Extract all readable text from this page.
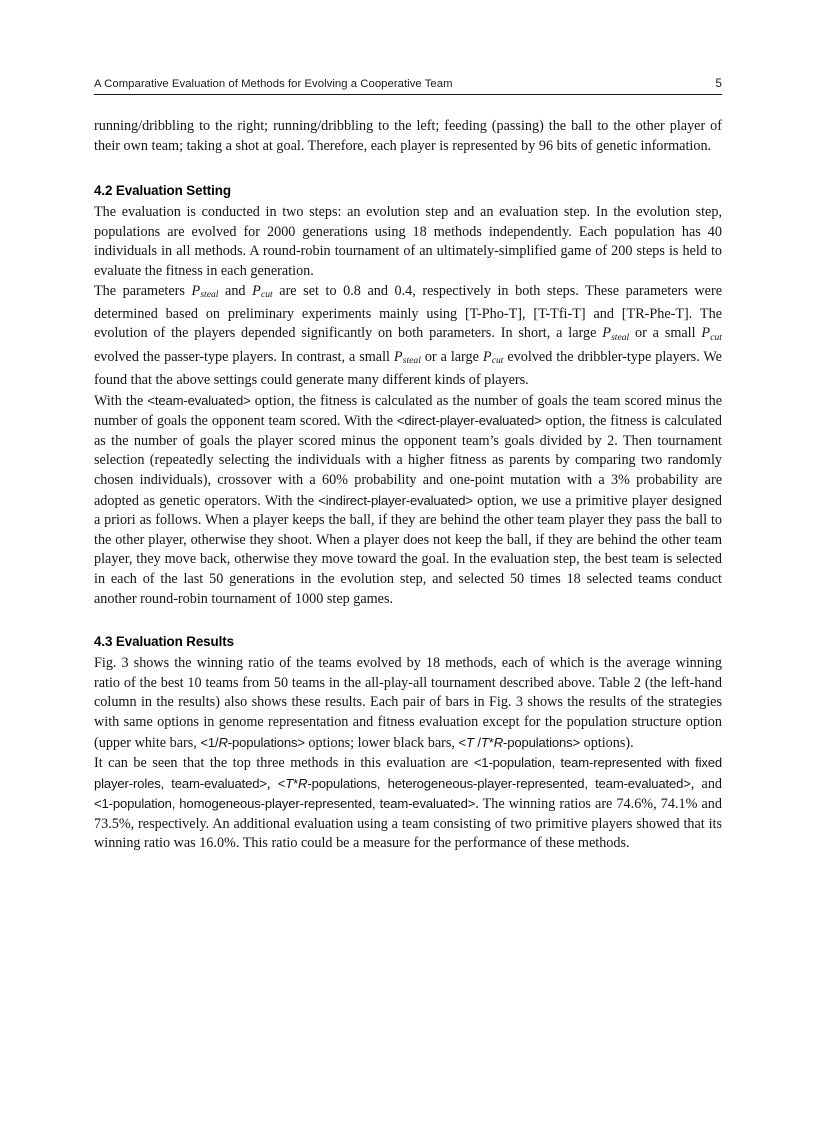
A Comparative Evaluation of Methods for Evolving a Cooperative Team	5

running/dribbling to the right; running/dribbling to the left; feeding (passing) the ball to the other player of their own team; taking a shot at goal. Therefore, each player is represented by 96 bits of genetic information.

4.2 Evaluation Setting

The evaluation is conducted in two steps: an evolution step and an evaluation step. In the evolution step, populations are evolved for 2000 generations using 18 methods independently. Each population has 40 individuals in all methods. A round-robin tournament of an ultimately-simplified game of 200 steps is held to evaluate the fitness in each generation.

The parameters $P_{steal}$ and $P_{cut}$ are set to 0.8 and 0.4, respectively in both steps. These parameters were determined based on preliminary experiments mainly using [T-Pho-T], [T-Tfi-T] and [TR-Phe-T]. The evolution of the players depended significantly on both parameters. In short, a large $P_{steal}$ or a small $P_{cut}$ evolved the passer-type players. In contrast, a small $P_{steal}$ or a large $P_{cut}$ evolved the dribbler-type players. We found that the above settings could generate many different kinds of players.

With the <team-evaluated> option, the fitness is calculated as the number of goals the team scored minus the number of goals the opponent team scored. With the <direct-player-evaluated> option, the fitness is calculated as the number of goals the player scored minus the opponent team’s goals divided by 2. Then tournament selection (repeatedly selecting the individuals with a higher fitness as parents by comparing two randomly chosen individuals), crossover with a 60% probability and one-point mutation with a 3% probability are adopted as genetic operators. With the <indirect-player-evaluated> option, we use a primitive player designed a priori as follows. When a player keeps the ball, if they are behind the other team player they pass the ball to the other player, otherwise they shoot. When a player does not keep the ball, if they are behind the other team player, they move back, otherwise they move toward the goal. In the evaluation step, the best team is selected in each of the last 50 generations in the evolution step, and selected 50 times 18 selected teams conduct another round-robin tournament of 1000 step games.

4.3 Evaluation Results

Fig. 3 shows the winning ratio of the teams evolved by 18 methods, each of which is the average winning ratio of the best 10 teams from 50 teams in the all-play-all tournament described above. Table 2 (the left-hand column in the results) also shows these results. Each pair of bars in Fig. 3 shows the results of the strategies with same options in genome representation and fitness evaluation except for the population structure option (upper white bars, <1/R-populations> options; lower black bars, <T /T*R-populations> options).

It can be seen that the top three methods in this evaluation are <1-population, team-represented with fixed player-roles, team-evaluated>, <T*R-populations, heterogeneous-player-represented, team-evaluated>, and <1-population, homogeneous-player-represented, team-evaluated>. The winning ratios are 74.6%, 74.1% and 73.5%, respectively. An additional evaluation using a team consisting of two primitive players showed that its winning ratio was 16.0%. This ratio could be a measure for the performance of these methods.
